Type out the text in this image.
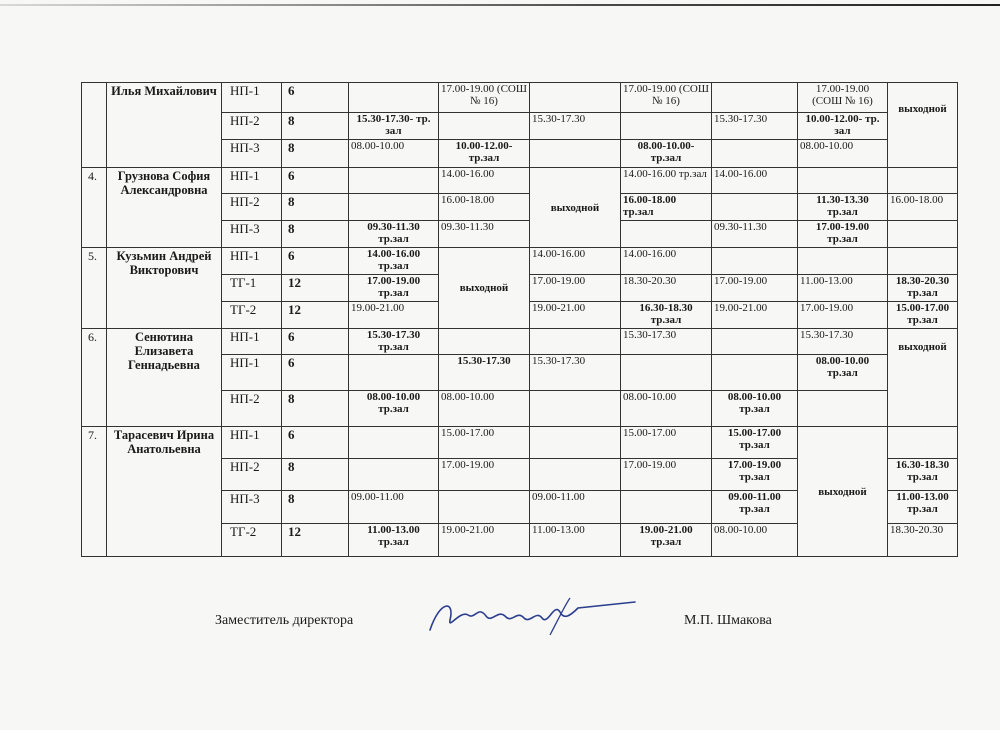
	Илья Михайлович	НП-1	6		17.00-19.00 (СОШ № 16)		17.00-19.00 (СОШ № 16)		17.00-19.00 (СОШ № 16)	выходной
		НП-2	8	15.30-17.30- тр. зал		15.30-17.30		15.30-17.30	10.00-12.00- тр. зал	
		НП-3	8	08.00-10.00	10.00-12.00- тр.зал		08.00-10.00- тр.зал		08.00-10.00	
4.	Грузнова София Александровна	НП-1	6		14.00-16.00	выходной	14.00-16.00 тр.зал	14.00-16.00		
		НП-2	8		16.00-18.00		16.00-18.00 тр.зал		11.30-13.30 тр.зал	16.00-18.00
		НП-3	8	09.30-11.30 тр.зал	09.30-11.30			09.30-11.30	17.00-19.00 тр.зал	
5.	Кузьмин Андрей Викторович	НП-1	6	14.00-16.00 тр.зал	выходной	14.00-16.00	14.00-16.00			
		ТГ-1	12	17.00-19.00 тр.зал		17.00-19.00	18.30-20.30	17.00-19.00	11.00-13.00	18.30-20.30 тр.зал
		ТГ-2	12	19.00-21.00		19.00-21.00	16.30-18.30 тр.зал	19.00-21.00	17.00-19.00	15.00-17.00 тр.зал
6.	Сенютина Елизавета Геннадьевна	НП-1	6	15.30-17.30 тр.зал			15.30-17.30		15.30-17.30	выходной
		НП-1	6		15.30-17.30	15.30-17.30			08.00-10.00 тр.зал	
		НП-2	8	08.00-10.00 тр.зал	08.00-10.00		08.00-10.00	08.00-10.00 тр.зал		
7.	Тарасевич Ирина Анатольевна	НП-1	6		15.00-17.00		15.00-17.00	15.00-17.00 тр.зал	выходной	
		НП-2	8		17.00-19.00		17.00-19.00	17.00-19.00 тр.зал		16.30-18.30 тр.зал
		НП-3	8	09.00-11.00		09.00-11.00		09.00-11.00 тр.зал		11.00-13.00 тр.зал
		ТГ-2	12	11.00-13.00 тр.зал	19.00-21.00	11.00-13.00	19.00-21.00 тр.зал	08.00-10.00		18.30-20.30
Заместитель директора	М.П. Шмакова
